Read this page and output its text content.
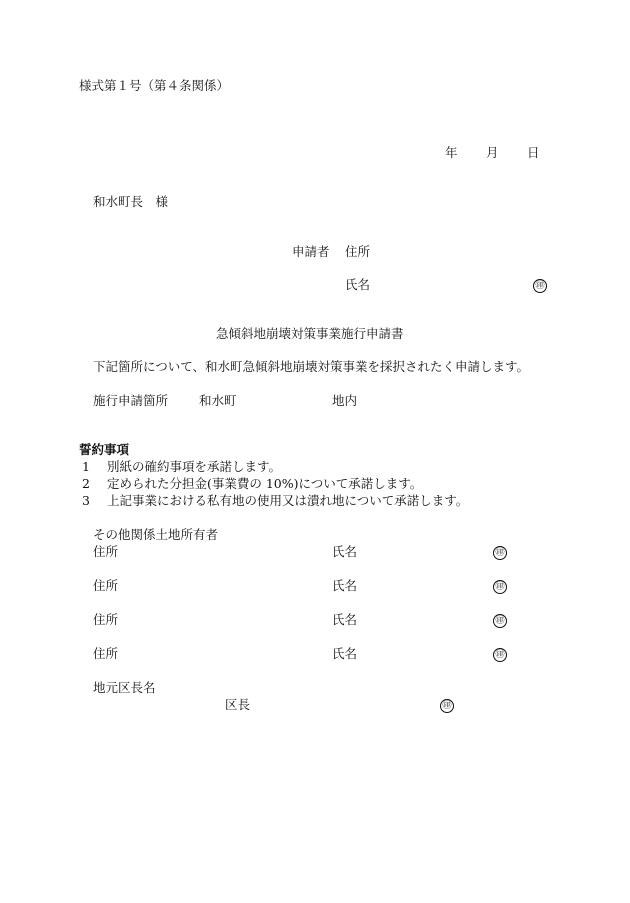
様式第１号（第４条関係）
年 月 日
和水町長　様
申請者 住所
氏名	㊞
急傾斜地崩壊対策事業施行申請書
下記箇所について、和水町急傾斜地崩壊対策事業を採択されたく申請します。
施行申請箇所 和水町	地内
誓約事項
1 別紙の確約事項を承諾します。
2 定められた分担金(事業費の 10%)について承諾します。
3 上記事業における私有地の使用又は潰れ地について承諾します。
その他関係土地所有者
住所	氏名	㊞
住所	氏名	㊞
住所	氏名	㊞
住所	氏名	㊞
地元区長名
区長	㊞
